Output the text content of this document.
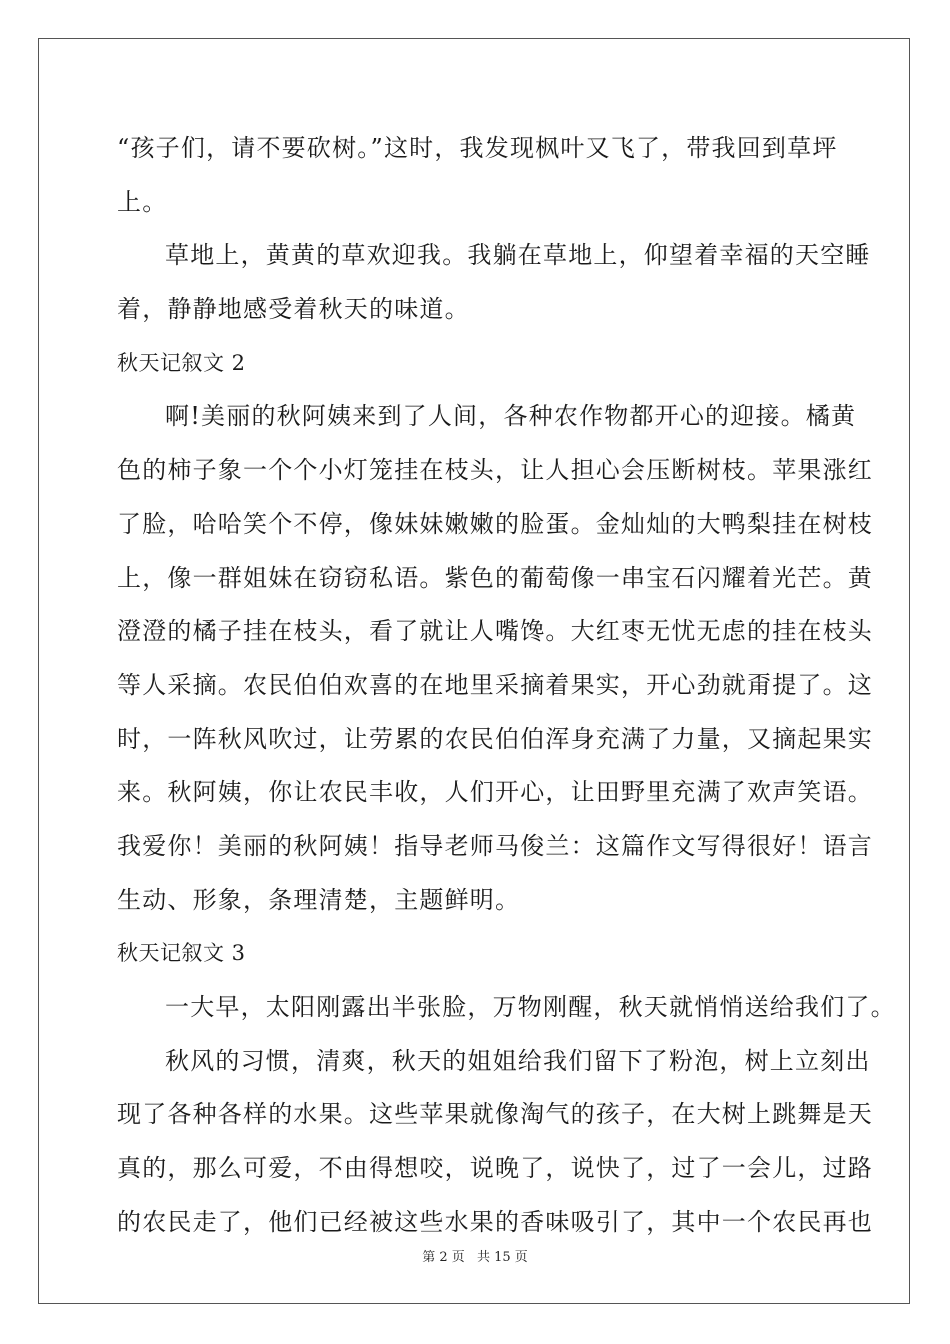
“孩子们，请不要砍树。”这时，我发现枫叶又飞了，带我回到草坪
上。
草地上，黄黄的草欢迎我。我躺在草地上，仰望着幸福的天空睡
着，静静地感受着秋天的味道。
秋天记叙文 2
啊!美丽的秋阿姨来到了人间，各种农作物都开心的迎接。橘黄
色的柿子象一个个小灯笼挂在枝头，让人担心会压断树枝。苹果涨红
了脸，哈哈笑个不停，像妹妹嫩嫩的脸蛋。金灿灿的大鸭梨挂在树枝
上，像一群姐妹在窃窃私语。紫色的葡萄像一串宝石闪耀着光芒。黄
澄澄的橘子挂在枝头，看了就让人嘴馋。大红枣无忧无虑的挂在枝头
等人采摘。农民伯伯欢喜的在地里采摘着果实，开心劲就甭提了。这
时，一阵秋风吹过，让劳累的农民伯伯浑身充满了力量，又摘起果实
来。秋阿姨，你让农民丰收，人们开心，让田野里充满了欢声笑语。
我爱你！美丽的秋阿姨！指导老师马俊兰：这篇作文写得很好！语言
生动、形象，条理清楚，主题鲜明。
秋天记叙文 3
一大早，太阳刚露出半张脸，万物刚醒，秋天就悄悄送给我们了。
秋风的习惯，清爽，秋天的姐姐给我们留下了粉泡，树上立刻出
现了各种各样的水果。这些苹果就像淘气的孩子，在大树上跳舞是天
真的，那么可爱，不由得想咬，说晚了，说快了，过了一会儿，过路
的农民走了，他们已经被这些水果的香味吸引了，其中一个农民再也
第 2 页 共 15 页
